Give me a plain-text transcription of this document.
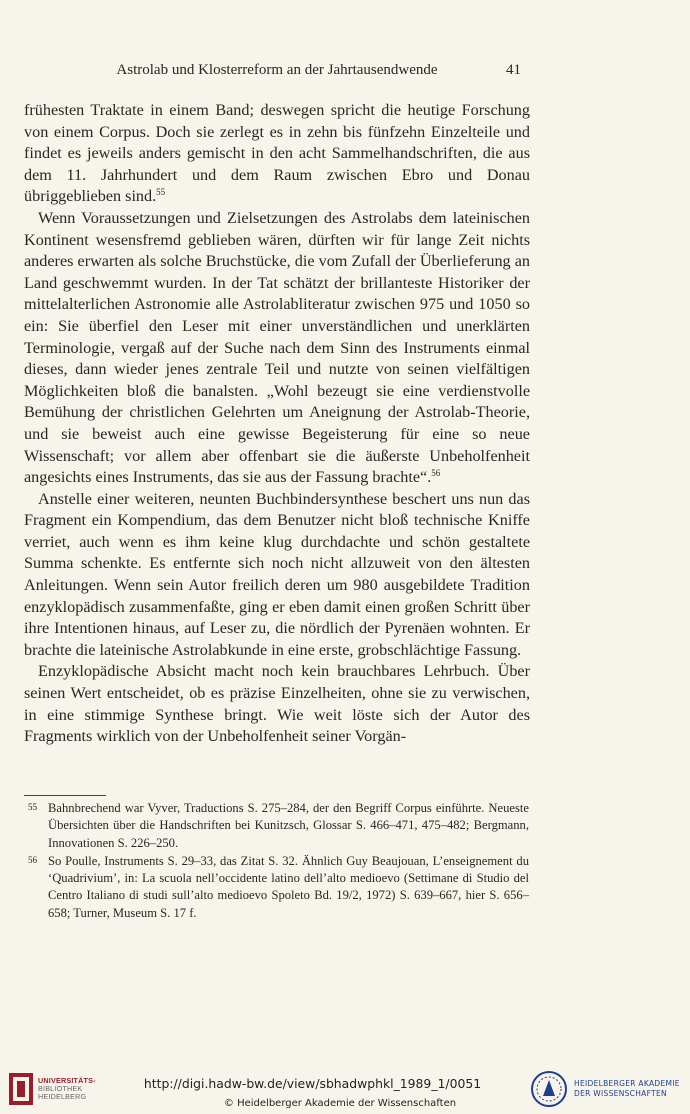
Astrolab und Klosterreform an der Jahrtausendwende	41

frühesten Traktate in einem Band; deswegen spricht die heutige Forschung von einem Corpus. Doch sie zerlegt es in zehn bis fünfzehn Einzelteile und findet es jeweils anders gemischt in den acht Sammelhandschriften, die aus dem 11. Jahrhundert und dem Raum zwischen Ebro und Donau übriggeblieben sind.$^{55}$

Wenn Voraussetzungen und Zielsetzungen des Astrolabs dem lateinischen Kontinent wesensfremd geblieben wären, dürften wir für lange Zeit nichts anderes erwarten als solche Bruchstücke, die vom Zufall der Überlieferung an Land geschwemmt wurden. In der Tat schätzt der brillanteste Historiker der mittelalterlichen Astronomie alle Astrolabliteratur zwischen 975 und 1050 so ein: Sie überfiel den Leser mit einer unverständlichen und unerklärten Terminologie, vergaß auf der Suche nach dem Sinn des Instruments einmal dieses, dann wieder jenes zentrale Teil und nutzte von seinen vielfältigen Möglichkeiten bloß die banalsten. „Wohl bezeugt sie eine verdienstvolle Bemühung der christlichen Gelehrten um Aneignung der Astrolab-Theorie, und sie beweist auch eine gewisse Begeisterung für eine so neue Wissenschaft; vor allem aber offenbart sie die äußerste Unbeholfenheit angesichts eines Instruments, das sie aus der Fassung brachte“.$^{56}$

Anstelle einer weiteren, neunten Buchbindersynthese beschert uns nun das Fragment ein Kompendium, das dem Benutzer nicht bloß technische Kniffe verriet, auch wenn es ihm keine klug durchdachte und schön gestaltete Summa schenkte. Es entfernte sich noch nicht allzuweit von den ältesten Anleitungen. Wenn sein Autor freilich deren um 980 ausgebildete Tradition enzyklopädisch zusammenfaßte, ging er eben damit einen großen Schritt über ihre Intentionen hinaus, auf Leser zu, die nördlich der Pyrenäen wohnten. Er brachte die lateinische Astrolabkunde in eine erste, grobschlächtige Fassung.

Enzyklopädische Absicht macht noch kein brauchbares Lehrbuch. Über seinen Wert entscheidet, ob es präzise Einzelheiten, ohne sie zu verwischen, in eine stimmige Synthese bringt. Wie weit löste sich der Autor des Fragments wirklich von der Unbeholfenheit seiner Vorgän-

55 Bahnbrechend war Vyver, Traductions S. 275–284, der den Begriff Corpus einführte. Neueste Übersichten über die Handschriften bei Kunitzsch, Glossar S. 466–471, 475–482; Bergmann, Innovationen S. 226–250.
56 So Poulle, Instruments S. 29–33, das Zitat S. 32. Ähnlich Guy Beaujouan, L’enseignement du ‘Quadrivium’, in: La scuola nell’occidente latino dell’alto medioevo (Settimane di Studio del Centro Italiano di studi sull’alto medioevo Spoleto Bd. 19/2, 1972) S. 639–667, hier S. 656–658; Turner, Museum S. 17 f.
UNIVERSITÄTS-
BIBLIOTHEK
HEIDELBERG
http://digi.hadw-bw.de/view/sbhadwphkl_1989_1/0051
© Heidelberger Akademie der Wissenschaften
HEIDELBERGER AKADEMIE
DER WISSENSCHAFTEN
